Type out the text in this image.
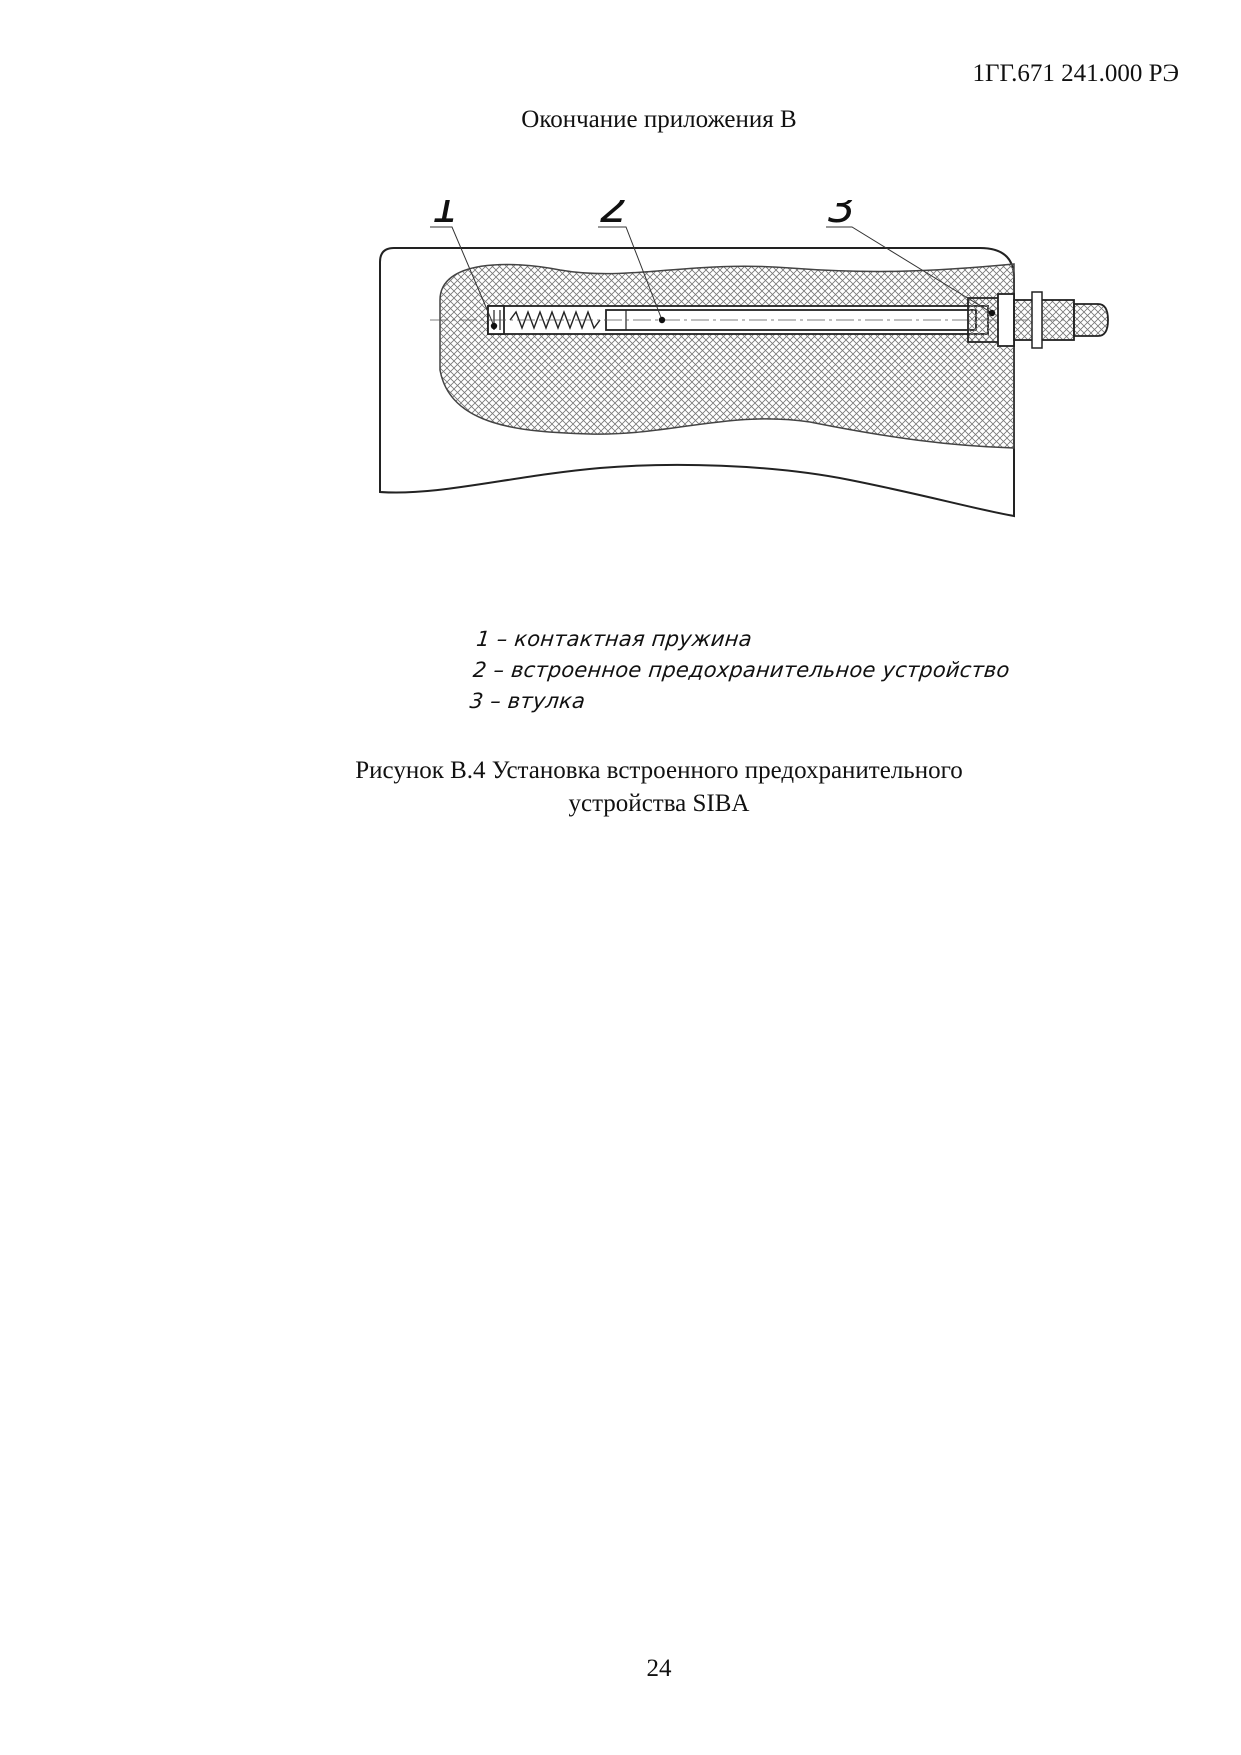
1ГГ.671 241.000 РЭ
Окончание приложения В
1	2	3
1 – контактная пружина
2 – встроенное предохранительное устройство
3 – втулка
Рисунок В.4 Установка встроенного предохранительного
устройства SIBA
24
